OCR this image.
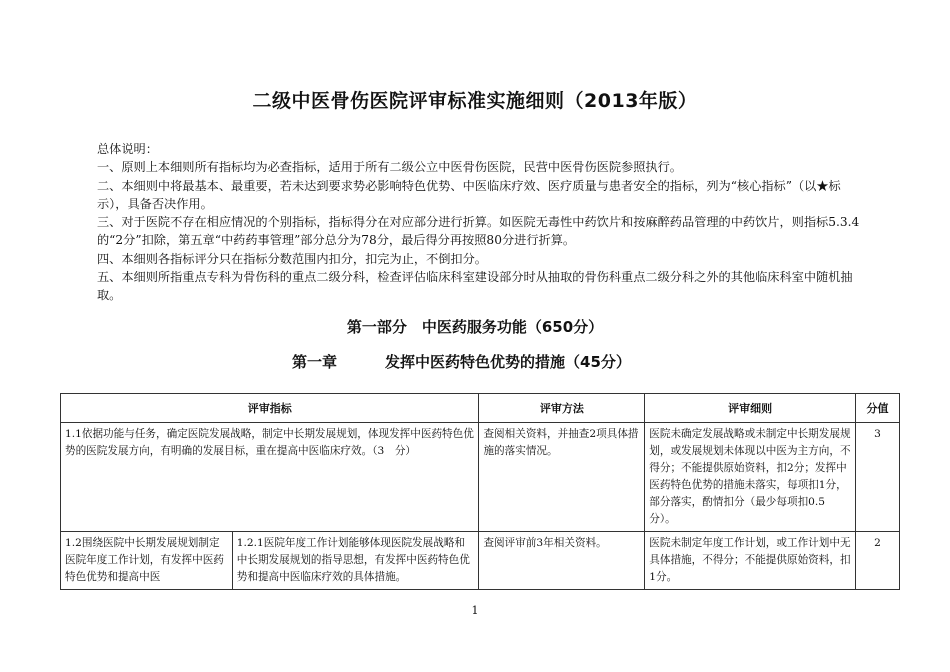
二级中医骨伤医院评审标准实施细则（2013年版）
总体说明：
一、原则上本细则所有指标均为必查指标，适用于所有二级公立中医骨伤医院，民营中医骨伤医院参照执行。
二、本细则中将最基本、最重要，若未达到要求势必影响特色优势、中医临床疗效、医疗质量与患者安全的指标，列为“核心指标”（以★标示），具备否决作用。
三、对于医院不存在相应情况的个别指标，指标得分在对应部分进行折算。如医院无毒性中药饮片和按麻醉药品管理的中药饮片，则指标5.3.4的“2分”扣除，第五章“中药药事管理”部分总分为78分，最后得分再按照80分进行折算。
四、本细则各指标评分只在指标分数范围内扣分，扣完为止，不倒扣分。
五、本细则所指重点专科为骨伤科的重点二级分科，检查评估临床科室建设部分时从抽取的骨伤科重点二级分科之外的其他临床科室中随机抽取。
第一部分　中医药服务功能（650分）
第一章	发挥中医药特色优势的措施（45分）
评审指标		评审方法	评审细则	分值
1.1依据功能与任务，确定医院发展战略，制定中长期发展规划，体现发挥中医药特色优势的医院发展方向，有明确的发展目标，重在提高中医临床疗效。（3　分）		查阅相关资料，并抽查2项具体措施的落实情况。	医院未确定发展战略或未制定中长期发展规划，或发展规划未体现以中医为主方向，不得分；不能提供原始资料，扣2分；发挥中医药特色优势的措施未落实，每项扣1分，部分落实，酌情扣分（最少每项扣0.5分）。	3
1.2围绕医院中长期发展规划制定医院年度工作计划，有发挥中医药特色优势和提高中医	1.2.1医院年度工作计划能够体现医院发展战略和中长期发展规划的指导思想，有发挥中医药特色优势和提高中医临床疗效的具体措施。	查阅评审前3年相关资料。	医院未制定年度工作计划，或工作计划中无具体措施，不得分；不能提供原始资料，扣1分。	2
1
